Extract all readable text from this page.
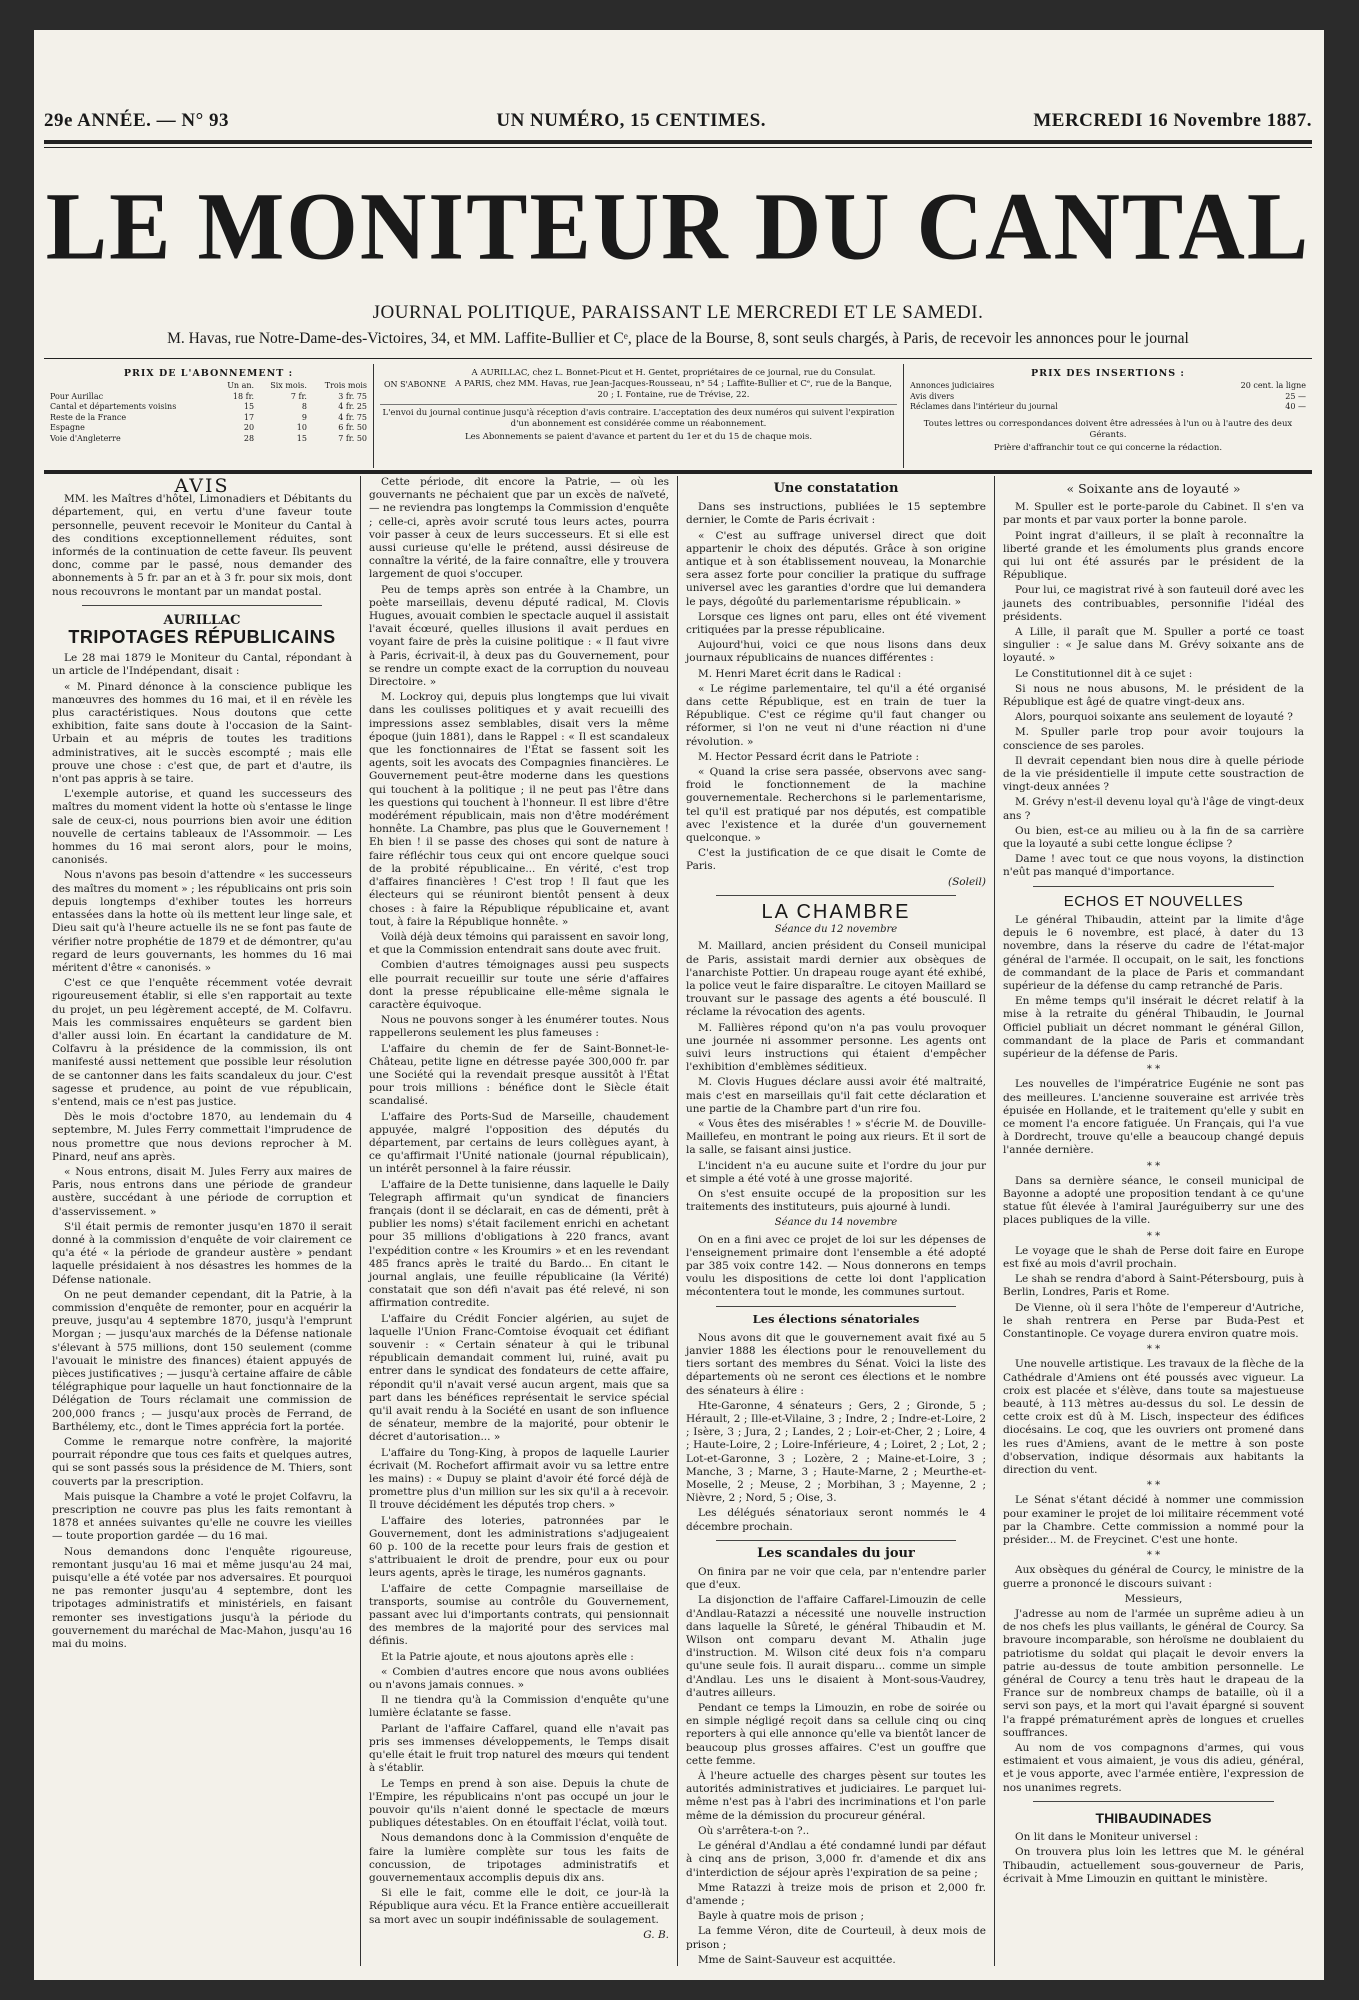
29e ANNÉE. — N° 93	UN NUMÉRO, 15 CENTIMES.	MERCREDI 16 Novembre 1887.
LE MONITEUR DU CANTAL
JOURNAL POLITIQUE, PARAISSANT LE MERCREDI ET LE SAMEDI.
M. Havas, rue Notre-Dame-des-Victoires, 34, et MM. Laffite-Bullier et Cᵉ, place de la Bourse, 8, sont seuls chargés, à Paris, de recevoir les annonces pour le journal
PRIX DE L'ABONNEMENT :
	Un an.	Six mois.	Trois mois
Pour Aurillac	18 fr.	7 fr.	3 fr. 75
Cantal et départements voisins	15	8	4 fr. 25
Reste de la France	17	9	4 fr. 75
Espagne	20	10	6 fr. 50
Voie d'Angleterre	28	15	7 fr. 50
ON S'ABONNE
A AURILLAC, chez L. Bonnet-Picut et H. Gentet, propriétaires de ce journal, rue du Consulat.
A PARIS, chez MM. Havas, rue Jean-Jacques-Rousseau, n° 54 ; Laffite-Bullier et Cᵉ, rue de la Banque, 20 ; I. Fontaine, rue de Trévise, 22.

L'envoi du journal continue jusqu'à réception d'avis contraire. L'acceptation des deux numéros qui suivent l'expiration d'un abonnement est considérée comme un réabonnement.

Les Abonnements se paient d'avance et partent du 1er et du 15 de chaque mois.

PRIX DES INSERTIONS :
Annonces judiciaires	20 cent. la ligne
Avis divers	25 —
Réclames dans l'intérieur du journal	40 —

Toutes lettres ou correspondances doivent être adressées à l'un ou à l'autre des deux Gérants.

Prière d'affranchir tout ce qui concerne la rédaction.

AVIS

MM. les Maîtres d'hôtel, Limonadiers et Débitants du département, qui, en vertu d'une faveur toute personnelle, peuvent recevoir le Moniteur du Cantal à des conditions exceptionnellement réduites, sont informés de la continuation de cette faveur. Ils peuvent donc, comme par le passé, nous demander des abonnements à 5 fr. par an et à 3 fr. pour six mois, dont nous recouvrons le montant par un mandat postal.

AURILLAC
TRIPOTAGES RÉPUBLICAINS

Le 28 mai 1879 le Moniteur du Cantal, répondant à un article de l'Indépendant, disait :

« M. Pinard dénonce à la conscience publique les manœuvres des hommes du 16 mai, et il en révèle les plus caractéristiques. Nous doutons que cette exhibition, faite sans doute à l'occasion de la Saint-Urbain et au mépris de toutes les traditions administratives, ait le succès escompté ; mais elle prouve une chose : c'est que, de part et d'autre, ils n'ont pas appris à se taire.

L'exemple autorise, et quand les successeurs des maîtres du moment vident la hotte où s'entasse le linge sale de ceux-ci, nous pourrions bien avoir une édition nouvelle de certains tableaux de l'Assommoir. — Les hommes du 16 mai seront alors, pour le moins, canonisés.

Nous n'avons pas besoin d'attendre « les successeurs des maîtres du moment » ; les républicains ont pris soin depuis longtemps d'exhiber toutes les horreurs entassées dans la hotte où ils mettent leur linge sale, et Dieu sait qu'à l'heure actuelle ils ne se font pas faute de vérifier notre prophétie de 1879 et de démontrer, qu'au regard de leurs gouvernants, les hommes du 16 mai méritent d'être « canonisés. »

C'est ce que l'enquête récemment votée devrait rigoureusement établir, si elle s'en rapportait au texte du projet, un peu légèrement accepté, de M. Colfavru. Mais les commissaires enquêteurs se gardent bien d'aller aussi loin. En écartant la candidature de M. Colfavru à la présidence de la commission, ils ont manifesté aussi nettement que possible leur résolution de se cantonner dans les faits scandaleux du jour. C'est sagesse et prudence, au point de vue républicain, s'entend, mais ce n'est pas justice.

Dès le mois d'octobre 1870, au lendemain du 4 septembre, M. Jules Ferry commettait l'imprudence de nous promettre que nous devions reprocher à M. Pinard, neuf ans après.

« Nous entrons, disait M. Jules Ferry aux maires de Paris, nous entrons dans une période de grandeur austère, succédant à une période de corruption et d'asservissement. »

S'il était permis de remonter jusqu'en 1870 il serait donné à la commission d'enquête de voir clairement ce qu'a été « la période de grandeur austère » pendant laquelle présidaient à nos désastres les hommes de la Défense nationale.

On ne peut demander cependant, dit la Patrie, à la commission d'enquête de remonter, pour en acquérir la preuve, jusqu'au 4 septembre 1870, jusqu'à l'emprunt Morgan ; — jusqu'aux marchés de la Défense nationale s'élevant à 575 millions, dont 150 seulement (comme l'avouait le ministre des finances) étaient appuyés de pièces justificatives ; — jusqu'à certaine affaire de câble télégraphique pour laquelle un haut fonctionnaire de la Délégation de Tours réclamait une commission de 200,000 francs ; — jusqu'aux procès de Ferrand, de Barthélemy, etc., dont le Times apprécia fort la portée.

Comme le remarque notre confrère, la majorité pourrait répondre que tous ces faits et quelques autres, qui se sont passés sous la présidence de M. Thiers, sont couverts par la prescription.

Mais puisque la Chambre a voté le projet Colfavru, la prescription ne couvre pas plus les faits remontant à 1878 et années suivantes qu'elle ne couvre les vieilles — toute proportion gardée — du 16 mai.

Nous demandons donc l'enquête rigoureuse, remontant jusqu'au 16 mai et même jusqu'au 24 mai, puisqu'elle a été votée par nos adversaires. Et pourquoi ne pas remonter jusqu'au 4 septembre, dont les tripotages administratifs et ministériels, en faisant remonter ses investigations jusqu'à la période du gouvernement du maréchal de Mac-Mahon, jusqu'au 16 mai du moins.

Cette période, dit encore la Patrie, — où les gouvernants ne péchaient que par un excès de naïveté, — ne reviendra pas longtemps la Commission d'enquête ; celle-ci, après avoir scruté tous leurs actes, pourra voir passer à ceux de leurs successeurs. Et si elle est aussi curieuse qu'elle le prétend, aussi désireuse de connaître la vérité, de la faire connaître, elle y trouvera largement de quoi s'occuper.

Peu de temps après son entrée à la Chambre, un poète marseillais, devenu député radical, M. Clovis Hugues, avouait combien le spectacle auquel il assistait l'avait écœuré, quelles illusions il avait perdues en voyant faire de près la cuisine politique : « Il faut vivre à Paris, écrivait-il, à deux pas du Gouvernement, pour se rendre un compte exact de la corruption du nouveau Directoire. »

M. Lockroy qui, depuis plus longtemps que lui vivait dans les coulisses politiques et y avait recueilli des impressions assez semblables, disait vers la même époque (juin 1881), dans le Rappel : « Il est scandaleux que les fonctionnaires de l'État se fassent soit les agents, soit les avocats des Compagnies financières. Le Gouvernement peut-être moderne dans les questions qui touchent à la politique ; il ne peut pas l'être dans les questions qui touchent à l'honneur. Il est libre d'être modérément républicain, mais non d'être modérément honnête. La Chambre, pas plus que le Gouvernement ! Eh bien ! il se passe des choses qui sont de nature à faire réfléchir tous ceux qui ont encore quelque souci de la probité républicaine... En vérité, c'est trop d'affaires financières ! C'est trop ! Il faut que les électeurs qui se réuniront bientôt pensent à deux choses : à faire la République républicaine et, avant tout, à faire la République honnête. »

Voilà déjà deux témoins qui paraissent en savoir long, et que la Commission entendrait sans doute avec fruit.

Combien d'autres témoignages aussi peu suspects elle pourrait recueillir sur toute une série d'affaires dont la presse républicaine elle-même signala le caractère équivoque.

Nous ne pouvons songer à les énumérer toutes. Nous rappellerons seulement les plus fameuses :

L'affaire du chemin de fer de Saint-Bonnet-le-Château, petite ligne en détresse payée 300,000 fr. par une Société qui la revendait presque aussitôt à l'État pour trois millions : bénéfice dont le Siècle était scandalisé.

L'affaire des Ports-Sud de Marseille, chaudement appuyée, malgré l'opposition des députés du département, par certains de leurs collègues ayant, à ce qu'affirmait l'Unité nationale (journal républicain), un intérêt personnel à la faire réussir.

L'affaire de la Dette tunisienne, dans laquelle le Daily Telegraph affirmait qu'un syndicat de financiers français (dont il se déclarait, en cas de démenti, prêt à publier les noms) s'était facilement enrichi en achetant pour 35 millions d'obligations à 220 francs, avant l'expédition contre « les Kroumirs » et en les revendant 485 francs après le traité du Bardo... En citant le journal anglais, une feuille républicaine (la Vérité) constatait que son défi n'avait pas été relevé, ni son affirmation contredite.

L'affaire du Crédit Foncier algérien, au sujet de laquelle l'Union Franc-Comtoise évoquait cet édifiant souvenir : « Certain sénateur à qui le tribunal républicain demandait comment lui, ruiné, avait pu entrer dans le syndicat des fondateurs de cette affaire, répondit qu'il n'avait versé aucun argent, mais que sa part dans les bénéfices représentait le service spécial qu'il avait rendu à la Société en usant de son influence de sénateur, membre de la majorité, pour obtenir le décret d'autorisation... »

L'affaire du Tong-King, à propos de laquelle Laurier écrivait (M. Rochefort affirmait avoir vu sa lettre entre les mains) : « Dupuy se plaint d'avoir été forcé déjà de promettre plus d'un million sur les six qu'il a à recevoir. Il trouve décidément les députés trop chers. »

L'affaire des loteries, patronnées par le Gouvernement, dont les administrations s'adjugeaient 60 p. 100 de la recette pour leurs frais de gestion et s'attribuaient le droit de prendre, pour eux ou pour leurs agents, après le tirage, les numéros gagnants.

L'affaire de cette Compagnie marseillaise de transports, soumise au contrôle du Gouvernement, passant avec lui d'importants contrats, qui pensionnait des membres de la majorité pour des services mal définis.

Et la Patrie ajoute, et nous ajoutons après elle :

« Combien d'autres encore que nous avons oubliées ou n'avons jamais connues. »

Il ne tiendra qu'à la Commission d'enquête qu'une lumière éclatante se fasse.

Parlant de l'affaire Caffarel, quand elle n'avait pas pris ses immenses développements, le Temps disait qu'elle était le fruit trop naturel des mœurs qui tendent à s'établir.

Le Temps en prend à son aise. Depuis la chute de l'Empire, les républicains n'ont pas occupé un jour le pouvoir qu'ils n'aient donné le spectacle de mœurs publiques détestables. On en étouffait l'éclat, voilà tout.

Nous demandons donc à la Commission d'enquête de faire la lumière complète sur tous les faits de concussion, de tripotages administratifs et gouvernementaux accomplis depuis dix ans.

Si elle le fait, comme elle le doit, ce jour-là la République aura vécu. Et la France entière accueillerait sa mort avec un soupir indéfinissable de soulagement.

G. B.

Une constatation

Dans ses instructions, publiées le 15 septembre dernier, le Comte de Paris écrivait :

« C'est au suffrage universel direct que doit appartenir le choix des députés. Grâce à son origine antique et à son établissement nouveau, la Monarchie sera assez forte pour concilier la pratique du suffrage universel avec les garanties d'ordre que lui demandera le pays, dégoûté du parlementarisme républicain. »

Lorsque ces lignes ont paru, elles ont été vivement critiquées par la presse républicaine.

Aujourd'hui, voici ce que nous lisons dans deux journaux républicains de nuances différentes :

M. Henri Maret écrit dans le Radical :

« Le régime parlementaire, tel qu'il a été organisé dans cette République, est en train de tuer la République. C'est ce régime qu'il faut changer ou réformer, si l'on ne veut ni d'une réaction ni d'une révolution. »

M. Hector Pessard écrit dans le Patriote :

« Quand la crise sera passée, observons avec sang-froid le fonctionnement de la machine gouvernementale. Recherchons si le parlementarisme, tel qu'il est pratiqué par nos députés, est compatible avec l'existence et la durée d'un gouvernement quelconque. »

C'est la justification de ce que disait le Comte de Paris.

(Soleil)

LA CHAMBRE
Séance du 12 novembre

M. Maillard, ancien président du Conseil municipal de Paris, assistait mardi dernier aux obsèques de l'anarchiste Pottier. Un drapeau rouge ayant été exhibé, la police veut le faire disparaître. Le citoyen Maillard se trouvant sur le passage des agents a été bousculé. Il réclame la révocation des agents.

M. Fallières répond qu'on n'a pas voulu provoquer une journée ni assommer personne. Les agents ont suivi leurs instructions qui étaient d'empêcher l'exhibition d'emblèmes séditieux.

M. Clovis Hugues déclare aussi avoir été maltraité, mais c'est en marseillais qu'il fait cette déclaration et une partie de la Chambre part d'un rire fou.

« Vous êtes des misérables ! » s'écrie M. de Douville-Maillefeu, en montrant le poing aux rieurs. Et il sort de la salle, se faisant ainsi justice.

L'incident n'a eu aucune suite et l'ordre du jour pur et simple a été voté à une grosse majorité.

On s'est ensuite occupé de la proposition sur les traitements des instituteurs, puis ajourné à lundi.

Séance du 14 novembre

On en a fini avec ce projet de loi sur les dépenses de l'enseignement primaire dont l'ensemble a été adopté par 385 voix contre 142. — Nous donnerons en temps voulu les dispositions de cette loi dont l'application mécontentera tout le monde, les communes surtout.

Les élections sénatoriales

Nous avons dit que le gouvernement avait fixé au 5 janvier 1888 les élections pour le renouvellement du tiers sortant des membres du Sénat. Voici la liste des départements où ne seront ces élections et le nombre des sénateurs à élire :

Hte-Garonne, 4 sénateurs ; Gers, 2 ; Gironde, 5 ; Hérault, 2 ; Ille-et-Vilaine, 3 ; Indre, 2 ; Indre-et-Loire, 2 ; Isère, 3 ; Jura, 2 ; Landes, 2 ; Loir-et-Cher, 2 ; Loire, 4 ; Haute-Loire, 2 ; Loire-Inférieure, 4 ; Loiret, 2 ; Lot, 2 ; Lot-et-Garonne, 3 ; Lozère, 2 ; Maine-et-Loire, 3 ; Manche, 3 ; Marne, 3 ; Haute-Marne, 2 ; Meurthe-et-Moselle, 2 ; Meuse, 2 ; Morbihan, 3 ; Mayenne, 2 ; Nièvre, 2 ; Nord, 5 ; Oise, 3.

Les délégués sénatoriaux seront nommés le 4 décembre prochain.

Les scandales du jour

On finira par ne voir que cela, par n'entendre parler que d'eux.

La disjonction de l'affaire Caffarel-Limouzin de celle d'Andlau-Ratazzi a nécessité une nouvelle instruction dans laquelle la Sûreté, le général Thibaudin et M. Wilson ont comparu devant M. Athalin juge d'instruction. M. Wilson cité deux fois n'a comparu qu'une seule fois. Il aurait disparu... comme un simple d'Andlau. Les uns le disaient à Mont-sous-Vaudrey, d'autres ailleurs.

Pendant ce temps la Limouzin, en robe de soirée ou en simple négligé reçoit dans sa cellule cinq ou cinq reporters à qui elle annonce qu'elle va bientôt lancer de beaucoup plus grosses affaires. C'est un gouffre que cette femme.

À l'heure actuelle des charges pèsent sur toutes les autorités administratives et judiciaires. Le parquet lui-même n'est pas à l'abri des incriminations et l'on parle même de la démission du procureur général.

Où s'arrêtera-t-on ?..

Le général d'Andlau a été condamné lundi par défaut à cinq ans de prison, 3,000 fr. d'amende et dix ans d'interdiction de séjour après l'expiration de sa peine ;

Mme Ratazzi à treize mois de prison et 2,000 fr. d'amende ;

Bayle à quatre mois de prison ;

La femme Véron, dite de Courteuil, à deux mois de prison ;

Mme de Saint-Sauveur est acquittée.

« Soixante ans de loyauté »

M. Spuller est le porte-parole du Cabinet. Il s'en va par monts et par vaux porter la bonne parole.

Point ingrat d'ailleurs, il se plaît à reconnaître la liberté grande et les émoluments plus grands encore qui lui ont été assurés par le président de la République.

Pour lui, ce magistrat rivé à son fauteuil doré avec les jaunets des contribuables, personnifie l'idéal des présidents.

A Lille, il paraît que M. Spuller a porté ce toast singulier : « Je salue dans M. Grévy soixante ans de loyauté. »

Le Constitutionnel dit à ce sujet :

Si nous ne nous abusons, M. le président de la République est âgé de quatre vingt-deux ans.

Alors, pourquoi soixante ans seulement de loyauté ?

M. Spuller parle trop pour avoir toujours la conscience de ses paroles.

Il devrait cependant bien nous dire à quelle période de la vie présidentielle il impute cette soustraction de vingt-deux années ?

M. Grévy n'est-il devenu loyal qu'à l'âge de vingt-deux ans ?

Ou bien, est-ce au milieu ou à la fin de sa carrière que la loyauté a subi cette longue éclipse ?

Dame ! avec tout ce que nous voyons, la distinction n'eût pas manqué d'importance.

ECHOS ET NOUVELLES

Le général Thibaudin, atteint par la limite d'âge depuis le 6 novembre, est placé, à dater du 13 novembre, dans la réserve du cadre de l'état-major général de l'armée. Il occupait, on le sait, les fonctions de commandant de la place de Paris et commandant supérieur de la défense du camp retranché de Paris.

En même temps qu'il insérait le décret relatif à la mise à la retraite du général Thibaudin, le Journal Officiel publiait un décret nommant le général Gillon, commandant de la place de Paris et commandant supérieur de la défense de Paris.

* *

Les nouvelles de l'impératrice Eugénie ne sont pas des meilleures. L'ancienne souveraine est arrivée très épuisée en Hollande, et le traitement qu'elle y subit en ce moment l'a encore fatiguée. Un Français, qui l'a vue à Dordrecht, trouve qu'elle a beaucoup changé depuis l'année dernière.

* *

Dans sa dernière séance, le conseil municipal de Bayonne a adopté une proposition tendant à ce qu'une statue fût élevée à l'amiral Jauréguiberry sur une des places publiques de la ville.

* *

Le voyage que le shah de Perse doit faire en Europe est fixé au mois d'avril prochain.

Le shah se rendra d'abord à Saint-Pétersbourg, puis à Berlin, Londres, Paris et Rome.

De Vienne, où il sera l'hôte de l'empereur d'Autriche, le shah rentrera en Perse par Buda-Pest et Constantinople. Ce voyage durera environ quatre mois.

* *

Une nouvelle artistique. Les travaux de la flèche de la Cathédrale d'Amiens ont été poussés avec vigueur. La croix est placée et s'élève, dans toute sa majestueuse beauté, à 113 mètres au-dessus du sol. Le dessin de cette croix est dû à M. Lisch, inspecteur des édifices diocésains. Le coq, que les ouvriers ont promené dans les rues d'Amiens, avant de le mettre à son poste d'observation, indique désormais aux habitants la direction du vent.

* *

Le Sénat s'étant décidé à nommer une commission pour examiner le projet de loi militaire récemment voté par la Chambre. Cette commission a nommé pour la présider... M. de Freycinet. C'est une honte.

* *

Aux obsèques du général de Courcy, le ministre de la guerre a prononcé le discours suivant :

Messieurs,

J'adresse au nom de l'armée un suprême adieu à un de nos chefs les plus vaillants, le général de Courcy. Sa bravoure incomparable, son héroïsme ne doublaient du patriotisme du soldat qui plaçait le devoir envers la patrie au-dessus de toute ambition personnelle. Le général de Courcy a tenu très haut le drapeau de la France sur de nombreux champs de bataille, où il a servi son pays, et la mort qui l'avait épargné si souvent l'a frappé prématurément après de longues et cruelles souffrances.

Au nom de vos compagnons d'armes, qui vous estimaient et vous aimaient, je vous dis adieu, général, et je vous apporte, avec l'armée entière, l'expression de nos unanimes regrets.

THIBAUDINADES

On lit dans le Moniteur universel :

On trouvera plus loin les lettres que M. le général Thibaudin, actuellement sous-gouverneur de Paris, écrivait à Mme Limouzin en quittant le ministère.
